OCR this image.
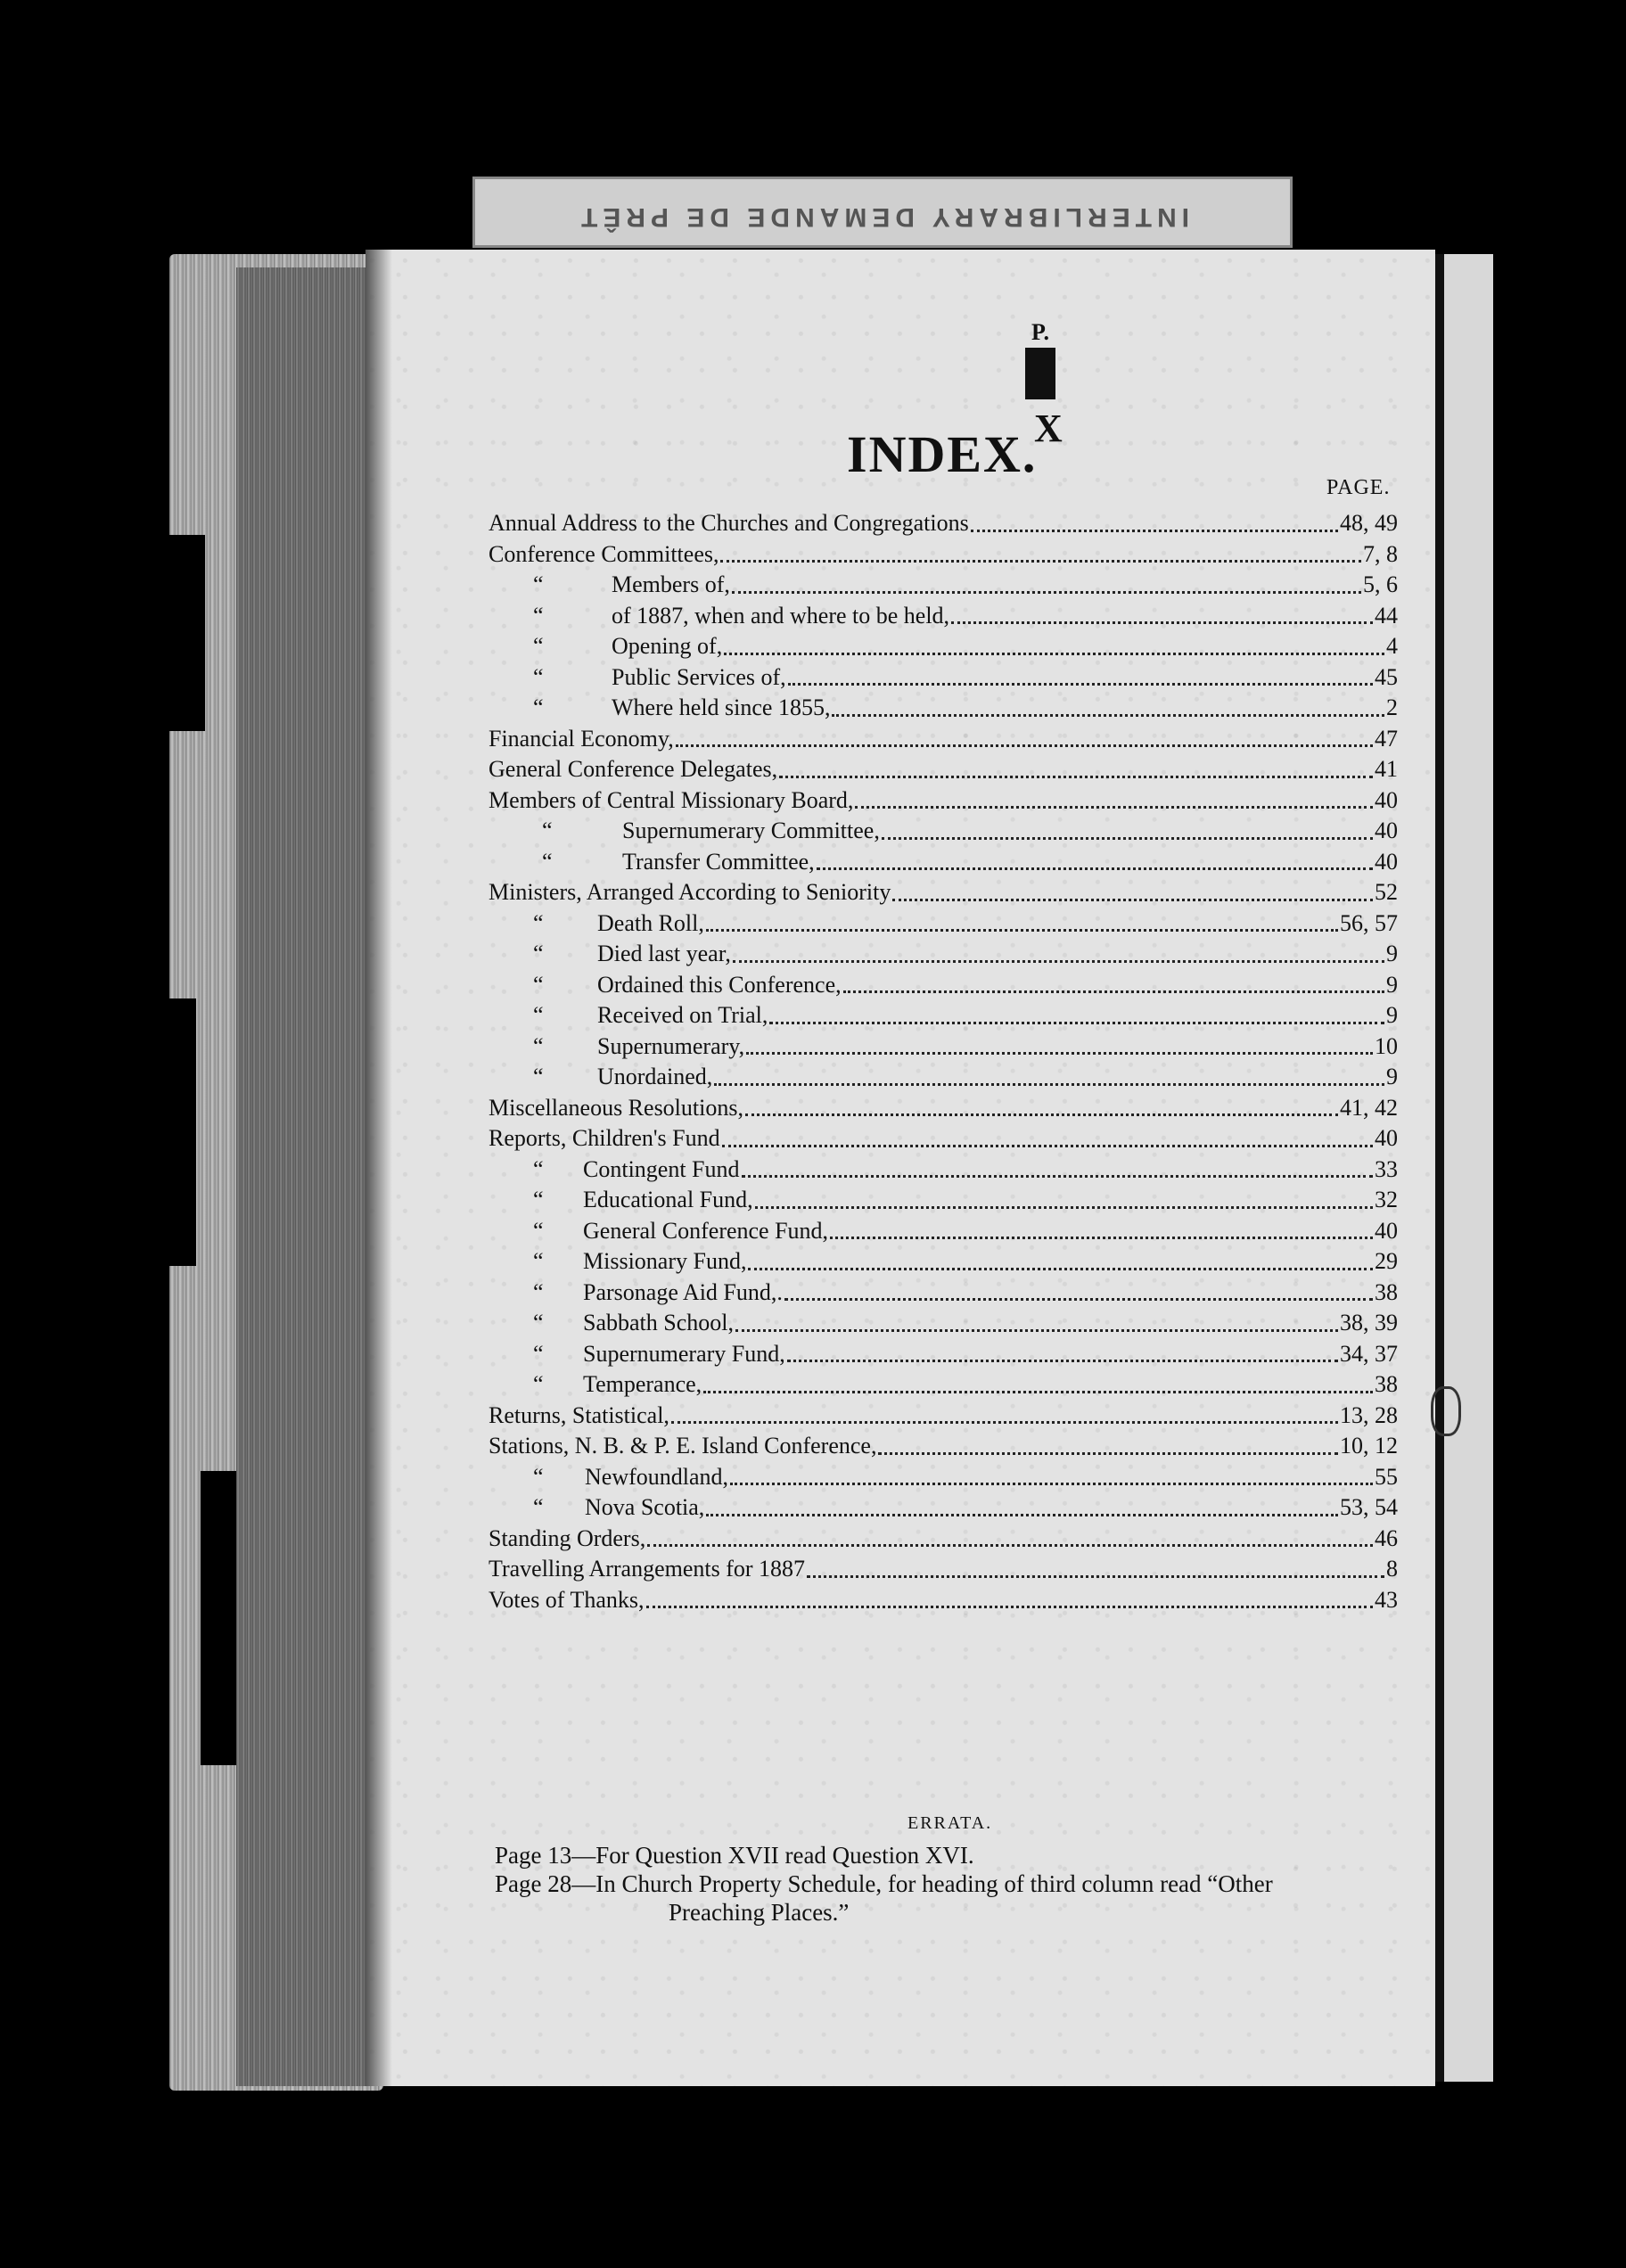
INTERLIBRARY DEMANDE DE PRÊT
P.
X
INDEX.
PAGE.
Annual Address to the Churches and Congregations	48, 49
Conference Committees,	7, 8
“	Members of,	5, 6
“	of 1887, when and where to be held,	44
“	Opening of,	4
“	Public Services of,	45
“	Where held since 1855,	2
Financial Economy,	47
General Conference Delegates,	41
Members of Central Missionary Board,	40
“	Supernumerary Committee,	40
“	Transfer Committee,	40
Ministers, Arranged According to Seniority	52
“	Death Roll,	56, 57
“	Died last year,	9
“	Ordained this Conference,	9
“	Received on Trial,	9
“	Supernumerary,	10
“	Unordained,	9
Miscellaneous Resolutions,	41, 42
Reports, Children's Fund	40
“	Contingent Fund	33
“	Educational Fund,	32
“	General Conference Fund,	40
“	Missionary Fund,	29
“	Parsonage Aid Fund,.	38
“	Sabbath School,	38, 39
“	Supernumerary Fund,	34, 37
“	Temperance,	38
Returns, Statistical,	13, 28
Stations, N. B. & P. E. Island Conference,	10, 12
“	Newfoundland,	55
“	Nova Scotia,	53, 54
Standing Orders,	46
Travelling Arrangements for 1887	8
Votes of Thanks,	43
ERRATA.
Page 13—For Question XVII read Question XVI.
Page 28—In Church Property Schedule, for heading of third column read “Other
Preaching Places.”
